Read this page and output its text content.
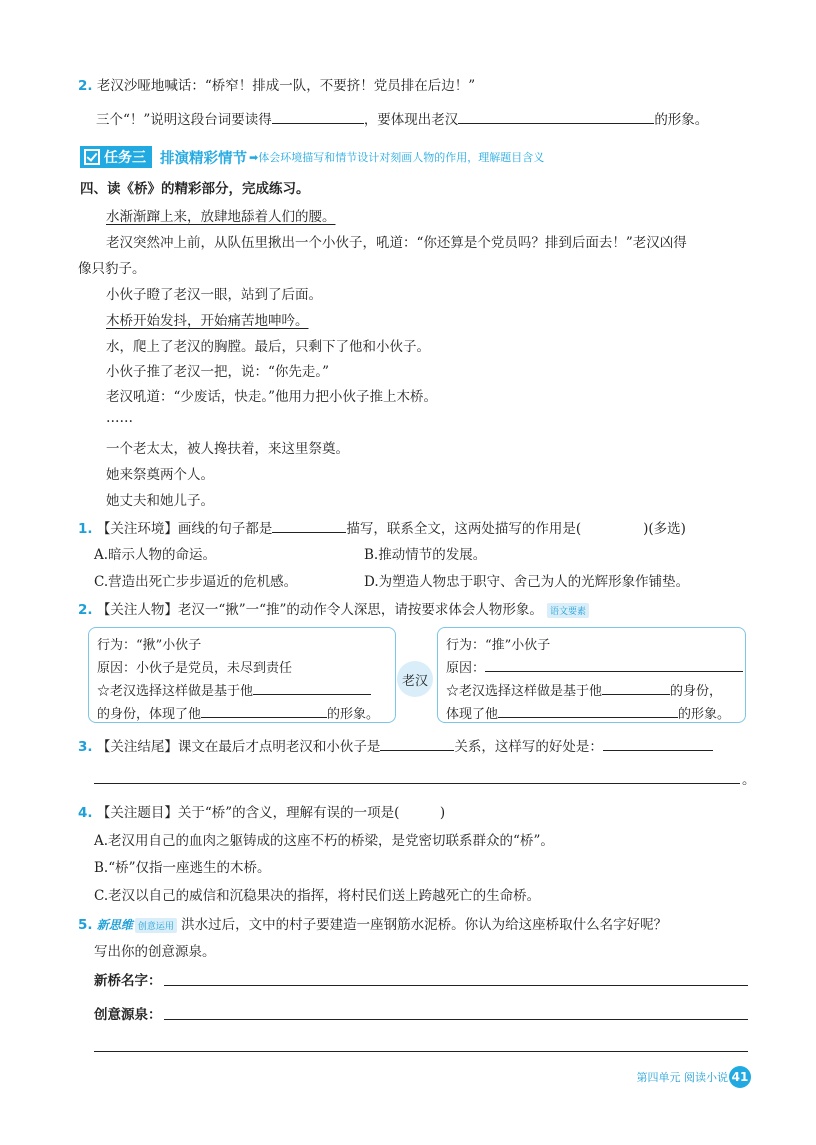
2. 老汉沙哑地喊话：“桥窄！排成一队，不要挤！党员排在后边！”
三个“！”说明这段台词要读得	，要体现出老汉	的形象。
任务三 排演精彩情节 ➡体会环境描写和情节设计对刻画人物的作用，理解题目含义
四、读《桥》的精彩部分，完成练习。
水渐渐蹿上来，放肆地舔着人们的腰。
老汉突然冲上前，从队伍里揪出一个小伙子，吼道：“你还算是个党员吗？排到后面去！”老汉凶得
像只豹子。
小伙子瞪了老汉一眼，站到了后面。
木桥开始发抖，开始痛苦地呻吟。
水，爬上了老汉的胸膛。最后，只剩下了他和小伙子。
小伙子推了老汉一把，说：“你先走。”
老汉吼道：“少废话，快走。”他用力把小伙子推上木桥。
……
一个老太太，被人搀扶着，来这里祭奠。
她来祭奠两个人。
她丈夫和她儿子。
1. 【关注环境】画线的句子都是	描写，联系全文，这两处描写的作用是(	)(多选)
A.暗示人物的命运。	B.推动情节的发展。
C.营造出死亡步步逼近的危机感。	D.为塑造人物忠于职守、舍己为人的光辉形象作铺垫。
2. 【关注人物】老汉一“揪”一“推”的动作令人深思，请按要求体会人物形象。 语文要素
行为：“揪”小伙子
原因：小伙子是党员，未尽到责任
☆老汉选择这样做是基于他
的身份，体现了他	的形象。
老汉
行为：“推”小伙子
原因：
☆老汉选择这样做是基于他	的身份，
体现了他	的形象。
3. 【关注结尾】课文在最后才点明老汉和小伙子是	关系，这样写的好处是：
。
4. 【关注题目】关于“桥”的含义，理解有误的一项是(　　　)
A.老汉用自己的血肉之躯铸成的这座不朽的桥梁，是党密切联系群众的“桥”。
B.“桥”仅指一座逃生的木桥。
C.老汉以自己的威信和沉稳果决的指挥，将村民们送上跨越死亡的生命桥。
5. 新思维 创意运用 洪水过后，文中的村子要建造一座钢筋水泥桥。你认为给这座桥取什么名字好呢？
写出你的创意源泉。
新桥名字：
创意源泉：
第四单元 阅读小说 41
